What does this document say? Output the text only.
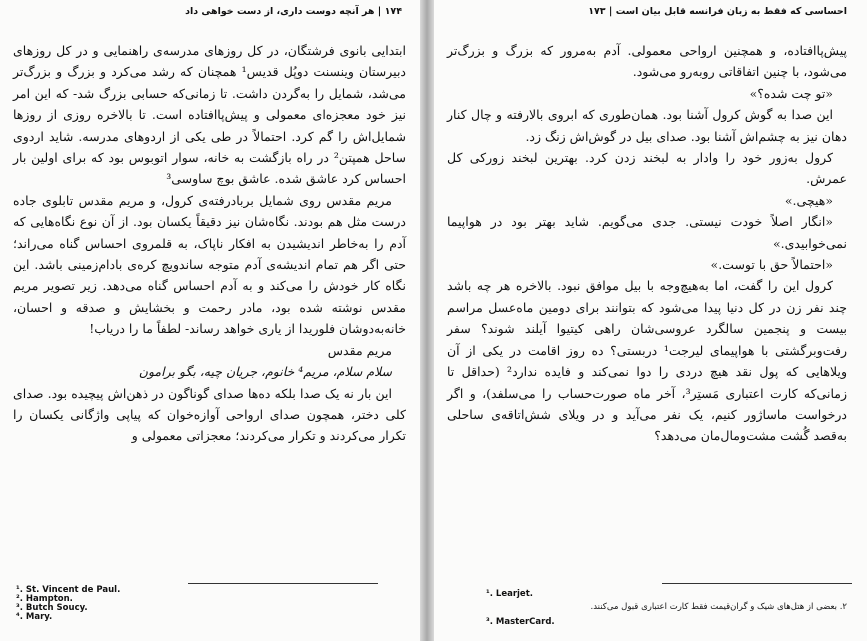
۱۷۴ | هر آنچه دوست داری، از دست خواهی داد

ابتدایی بانوی فرشتگان، در کل روزهای مدرسه‌ی راهنمایی و در کل روزهای دبیرستان وینسنت دوپُل قدیس¹ همچنان که رشد می‌کرد و بزرگ و بزرگ‌تر می‌شد، شمایل را به‌گردن داشت. تا زمانی‌که حسابی بزرگ شد- که این امر نیز خود معجزه‌ای معمولی و پیش‌پاافتاده است. تا بالاخره روزی از روزها شمایل‌اش را گم کرد. احتمالاً در طی یکی از اردوهای مدرسه. شاید اردوی ساحل همپتن² در راه بازگشت به خانه، سوار اتوبوس بود که برای اولین بار احساس کرد عاشق شده. عاشق بوچ ساوسی³

مریم مقدس روی شمایل بربادرفته‌ی کرول، و مریم مقدس تابلوی جاده درست مثل هم بودند. نگاه‌شان نیز دقیقاً یکسان بود. از آن نوع نگاه‌هایی که آدم را به‌خاطر اندیشیدن به افکار ناپاک، به قلمروی احساس گناه می‌راند؛ حتی اگر هم تمام اندیشه‌ی آدم متوجه ساندویچ کره‌ی بادام‌زمینی باشد. این نگاه کار خودش را می‌کند و به آدم احساس گناه می‌دهد. زیر تصویر مریم مقدس نوشته شده بود، مادر رحمت و بخشایش و صدقه و احسان، خانه‌به‌دوشان فلوریدا از یاری خواهد رساند- لطفاً ما را دریاب!

مریم مقدس

سلام سلام، مریم⁴ خانوم، جریان چیه، بگو برامون

این بار نه یک صدا بلکه ده‌ها صدای گوناگون در ذهن‌اش پیچیده بود. صدای کلی دختر، همچون صدای ارواحی آوازه‌خوان که پیاپی واژگانی یکسان را تکرار می‌کردند و تکرار می‌کردند؛ معجزاتی معمولی و

¹. St. Vincent de Paul.
². Hampton.
³. Butch Soucy.
⁴. Mary.
احساسی که فقط به زبان فرانسه قابل بیان است | ۱۷۳

پیش‌پاافتاده، و همچنین ارواحی معمولی. آدم به‌مرور که بزرگ و بزرگ‌تر می‌شود، با چنین اتفاقاتی روبه‌رو می‌شود.

«تو چت شده؟»

این صدا به گوش کرول آشنا بود. همان‌طوری که ابروی بالارفته و چال کنار دهان نیز به چشم‌اش آشنا بود. صدای بیل در گوش‌اش زنگ زد.

کرول به‌زور خود را وادار به لبخند زدن کرد. بهترین لبخند زورکی کل عمرش.

«هیچی.»

«انگار اصلاً خودت نیستی. جدی می‌گویم. شاید بهتر بود در هواپیما نمی‌خوابیدی.»

«احتمالاً حق با توست.»

کرول این را گفت، اما به‌هیچ‌وجه با بیل موافق نبود. بالاخره هر چه باشد چند نفر زن در کل دنیا پیدا می‌شود که بتوانند برای دومین ماه‌عسل مراسم بیست و پنجمین سالگرد عروسی‌شان راهی کیتیوا آیلند شوند؟ سفر رفت‌وبرگشتی با هواپیمای لیرجت¹ دربستی؟ ده روز اقامت در یکی از آن ویلاهایی که پول نقد هیچ دردی را دوا نمی‌کند و فایده ندارد² (حداقل تا زمانی‌که کارت اعتباری مَستِر³، آخر ماه صورت‌حساب را می‌سلفد)، و اگر درخواست ماساژور کنیم، یک نفر می‌آید و در ویلای شش‌اتاقه‌ی ساحلی به‌قصد گُشت مشت‌ومال‌مان می‌دهد؟

¹. Learjet.
۲. بعضی از هتل‌های شیک و گران‌قیمت فقط کارت اعتباری قبول می‌کنند.
³. MasterCard.
